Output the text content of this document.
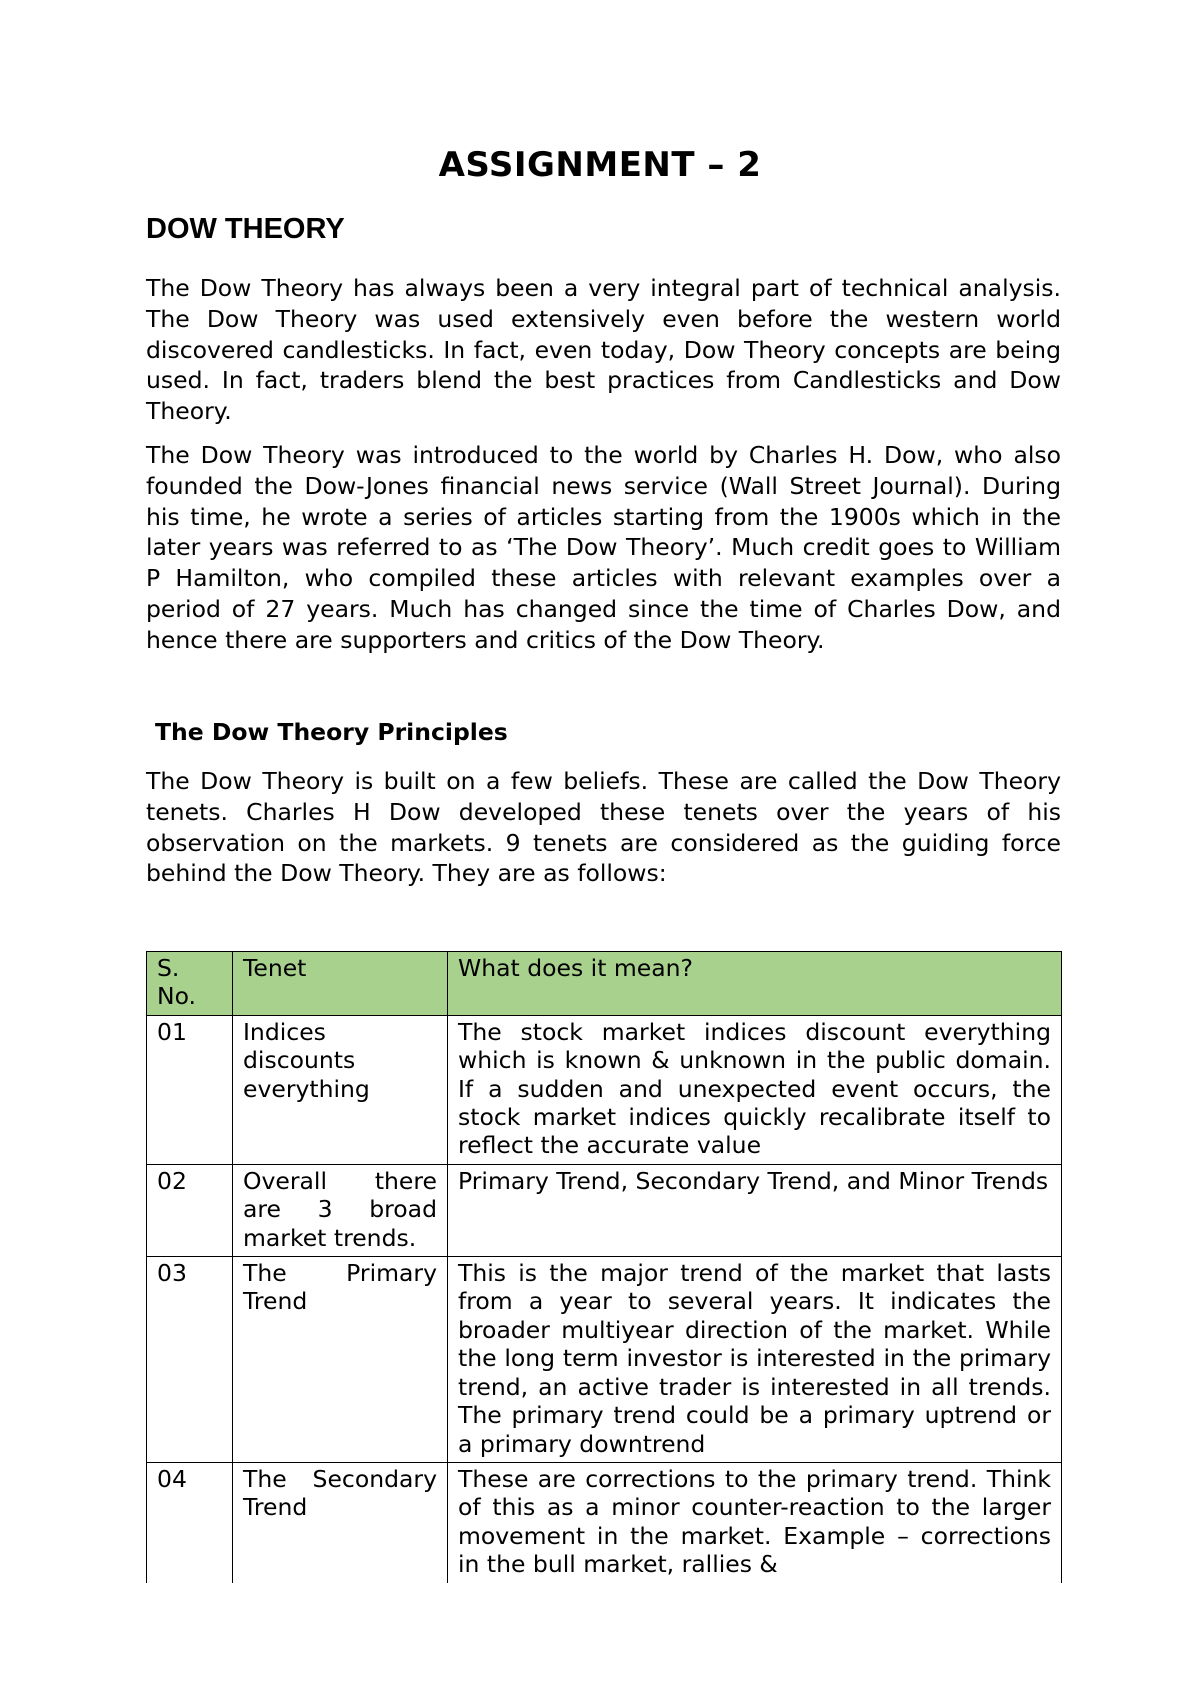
ASSIGNMENT – 2
DOW THEORY

The Dow Theory has always been a very integral part of technical analysis. The Dow Theory was used extensively even before the western world discovered candlesticks. In fact, even today, Dow Theory concepts are being used. In fact, traders blend the best practices from Candlesticks and Dow Theory.

The Dow Theory was introduced to the world by Charles H. Dow, who also founded the Dow-Jones financial news service (Wall Street Journal). During his time, he wrote a series of articles starting from the 1900s which in the later years was referred to as ‘The Dow Theory’. Much credit goes to William P Hamilton, who compiled these articles with relevant examples over a period of 27 years. Much has changed since the time of Charles Dow, and hence there are supporters and critics of the Dow Theory.

The Dow Theory Principles

The Dow Theory is built on a few beliefs. These are called the Dow Theory tenets. Charles H Dow developed these tenets over the years of his observation on the markets. 9 tenets are considered as the guiding force behind the Dow Theory. They are as follows:

S. No.	Tenet	What does it mean?
01	Indices discounts everything	The stock market indices discount everything which is known & unknown in the public domain. If a sudden and unexpected event occurs, the stock market indices quickly recalibrate itself to reflect the accurate value
02	Overall there are 3 broad market trends.	Primary Trend, Secondary Trend, and Minor Trends
03	The Primary Trend	This is the major trend of the market that lasts from a year to several years. It indicates the broader multiyear direction of the market. While the long term investor is interested in the primary trend, an active trader is interested in all trends. The primary trend could be a primary uptrend or a primary downtrend
04	The Secondary Trend	These are corrections to the primary trend. Think of this as a minor counter-reaction to the larger movement in the market. Example – corrections in the bull market, rallies &
